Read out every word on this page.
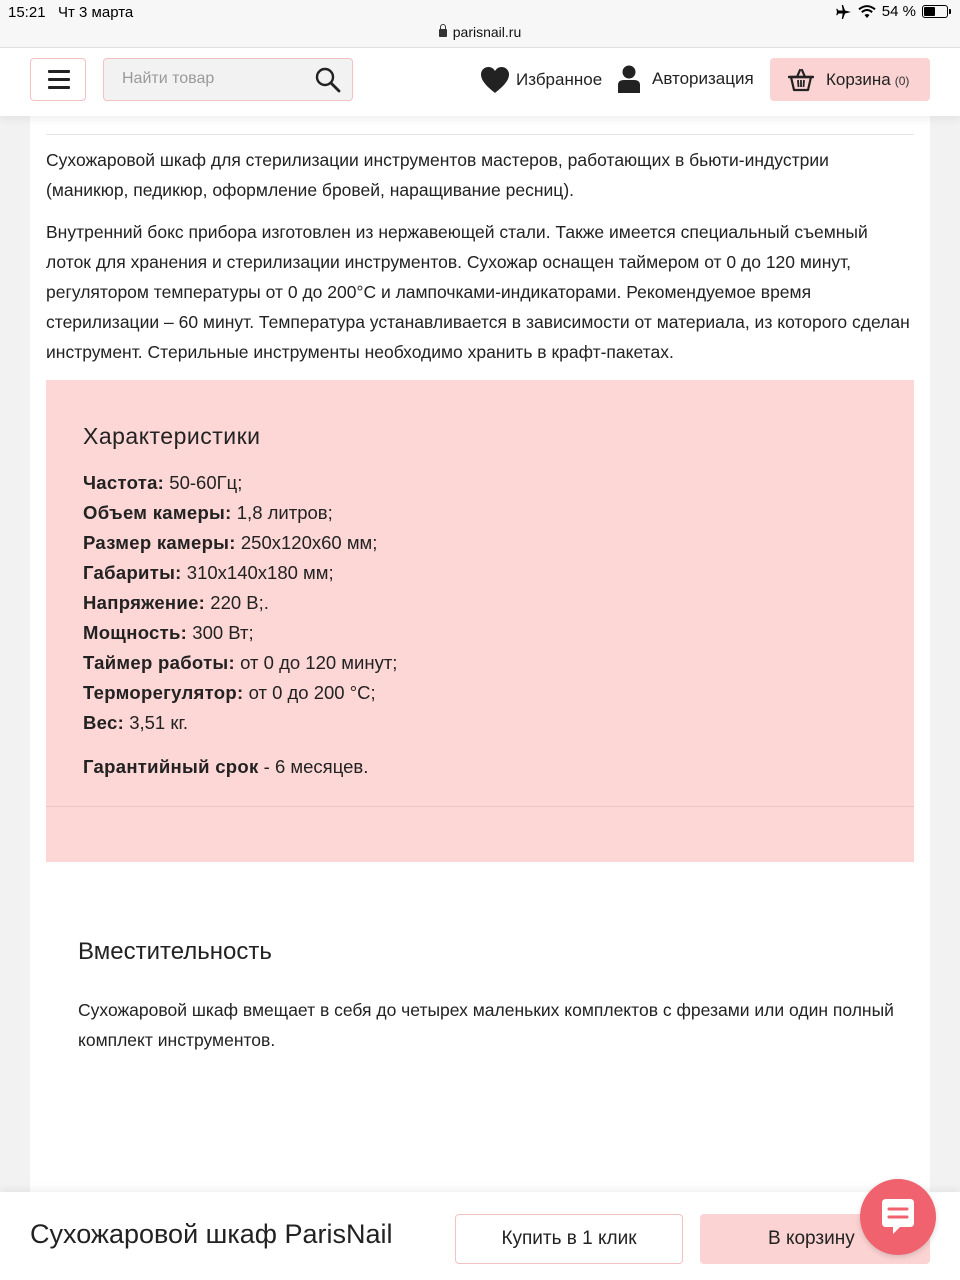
15:21 Чт 3 марта	54 %
parisnail.ru
Найти товар
Избранное	Авторизация	Корзина (0)

Сухожаровой шкаф для стерилизации инструментов мастеров, работающих в бьюти-индустрии (маникюр, педикюр, оформление бровей, наращивание ресниц).

Внутренний бокс прибора изготовлен из нержавеющей стали. Также имеется специальный съемный лоток для хранения и стерилизации инструментов. Сухожар оснащен таймером от 0 до 120 минут, регулятором температуры от 0 до 200°С и лампочками-индикаторами. Рекомендуемое время стерилизации – 60 минут. Температура устанавливается в зависимости от материала, из которого сделан инструмент. Стерильные инструменты необходимо хранить в крафт-пакетах.

Характеристики
Частота: 50-60Гц;
Объем камеры: 1,8 литров;
Размер камеры: 250х120х60 мм;
Габариты: 310х140х180 мм;
Напряжение: 220 В;.
Мощность: 300 Вт;
Таймер работы: от 0 до 120 минут;
Терморегулятор: от 0 до 200 °С;
Вес: 3,51 кг.
Гарантийный срок - 6 месяцев.
Вместительность

Сухожаровой шкаф вмещает в себя до четырех маленьких комплектов с фрезами или один полный комплект инструментов.

Сухожаровой шкаф ParisNail	Купить в 1 клик	В корзину
